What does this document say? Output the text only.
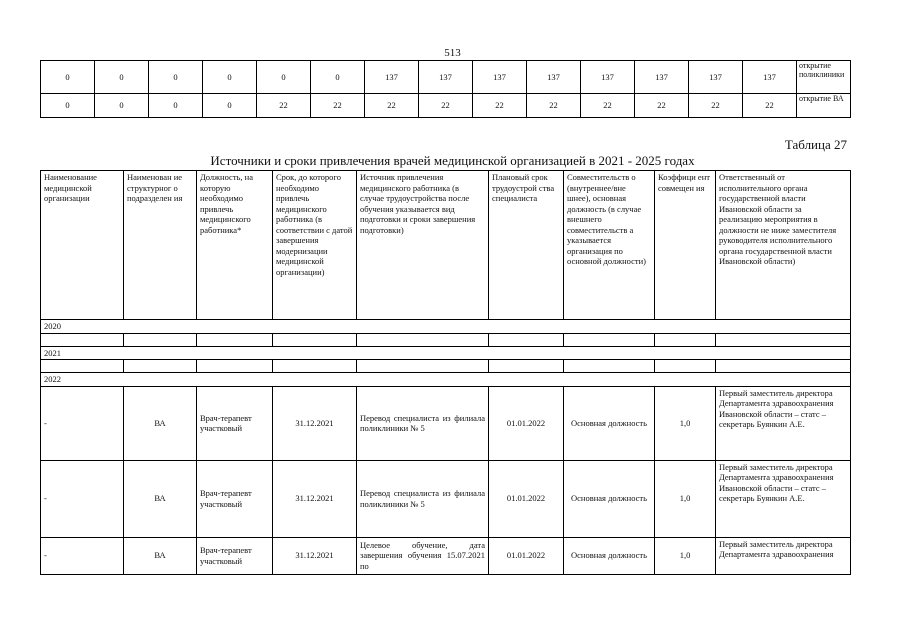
513
0	0	0	0	0	0	137	137	137	137	137	137	137	137	открытие поликлиники
0	0	0	0	22	22	22	22	22	22	22	22	22	22	открытие ВА
Таблица 27
Источники и сроки привлечения врачей медицинской организацией в 2021 - 2025 годах
Наименование медицинской организации	Наименован ие структурног о подразделен ия	Должность, на которую необходимо привлечь медицинского работника*	Срок, до которого необходимо привлечь медицинского работника (в соответствии с датой завершения модернизации медицинской организации)	Источник привлечения медицинского работника (в случае трудоустройства после обучения указывается вид подготовки и сроки завершения подготовки)	Плановый срок трудоустрой ства специалиста	Совместительств о (внутреннее/вне шнее), основная должность (в случае внешнего совместительств а указывается организация по основной должности)	Коэффици ент совмещен ия	Ответственный от исполнительного органа государственной власти Ивановской области за реализацию мероприятия в должности не ниже заместителя руководителя исполнительного органа государственной власти Ивановской области)
2020								

2021								

2022								
-	ВА	Врач-терапевт участковый	31.12.2021	Перевод специалиста из филиала поликлиники № 5	01.01.2022	Основная должность	1,0	Первый заместитель директора Департамента здравоохранения Ивановской области – статс – секретарь Буянкин А.Е.
-	ВА	Врач-терапевт участковый	31.12.2021	Перевод специалиста из филиала поликлиники № 5	01.01.2022	Основная должность	1,0	Первый заместитель директора Департамента здравоохранения Ивановской области – статс – секретарь Буянкин А.Е.
-	ВА	Врач-терапевт участковый	31.12.2021	Целевое обучение, дата завершения обучения 15.07.2021 по	01.01.2022	Основная должность	1,0	Первый заместитель директора Департамента здравоохранения
